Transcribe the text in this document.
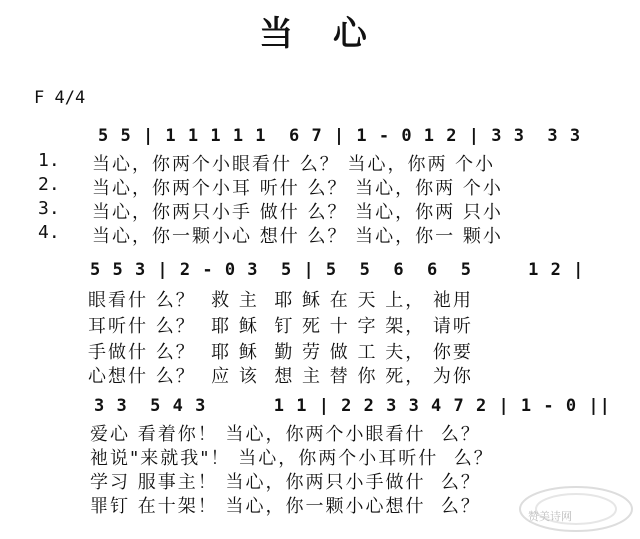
当 心
F 4/4
5 5 | 1 1 1 1 1  6 7 | 1 - 0 1 2 | 3 3  3 3
1.
2.
3.
4.
当心，你两个小眼看什 么？ 当心，你两 个小
当心，你两个小耳 听什 么？ 当心，你两 个小
当心，你两只小手 做什 么？ 当心，你两 只小
当心，你一颗小心 想什 么？ 当心，你一 颗小
5 5 3 | 2 - 0 3  5 | 5  5  6  6  5     1 2 |
眼看什 么？  救 主  耶 稣 在 天 上， 祂用
耳听什 么？  耶 稣  钉 死 十 字 架， 请听
手做什 么？  耶 稣  勤 劳 做 工 夫， 你要
心想什 么？  应 该  想 主 替 你 死， 为你
3 3  5 4 3      1 1 | 2 2 3 3 4 7 2 | 1 - 0 ||
爱心 看着你！ 当心，你两个小眼看什  么？
祂说"来就我"！ 当心，你两个小耳听什  么？
学习 服事主！ 当心，你两只小手做什  么？
罪钉 在十架！ 当心，你一颗小心想什  么？	赞美诗网
